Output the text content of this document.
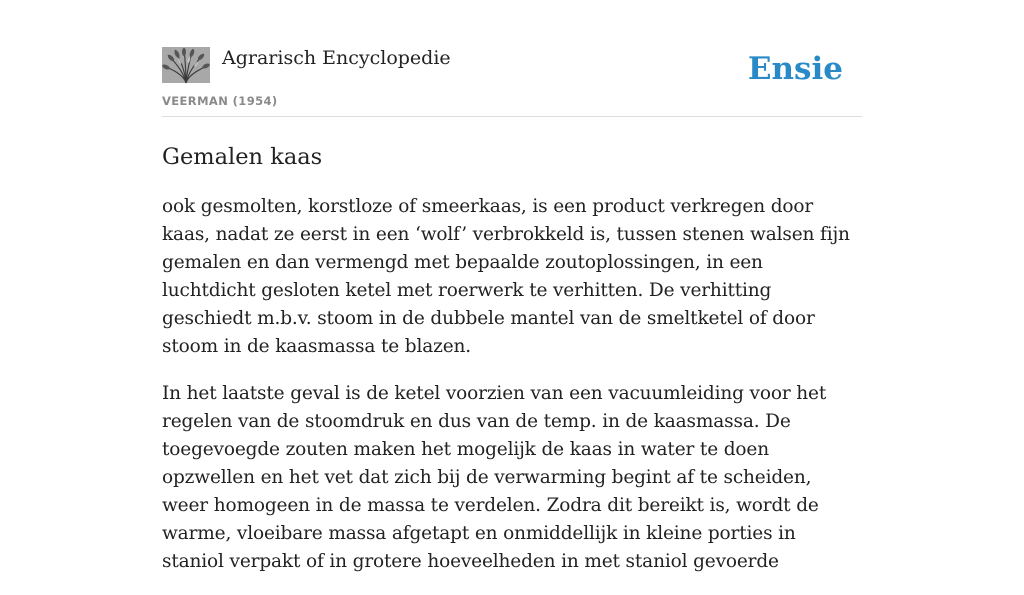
Agrarisch Encyclopedie
VEERMAN (1954)
Ensie
Gemalen kaas

ook gesmolten, korstloze of smeerkaas, is een product verkregen door kaas, nadat ze eerst in een ‘wolf’ verbrokkeld is, tussen stenen walsen fijn gemalen en dan vermengd met bepaalde zoutoplossingen, in een luchtdicht gesloten ketel met roerwerk te verhitten. De verhitting geschiedt m.b.v. stoom in de dubbele mantel van de smeltketel of door stoom in de kaasmassa te blazen.

In het laatste geval is de ketel voorzien van een vacuumleiding voor het regelen van de stoomdruk en dus van de temp. in de kaasmassa. De toegevoegde zouten maken het mogelijk de kaas in water te doen opzwellen en het vet dat zich bij de verwarming begint af te scheiden, weer homogeen in de massa te verdelen. Zodra dit bereikt is, wordt de warme, vloeibare massa afgetapt en onmiddellijk in kleine porties in staniol verpakt of in grotere hoeveelheden in met staniol gevoerde
